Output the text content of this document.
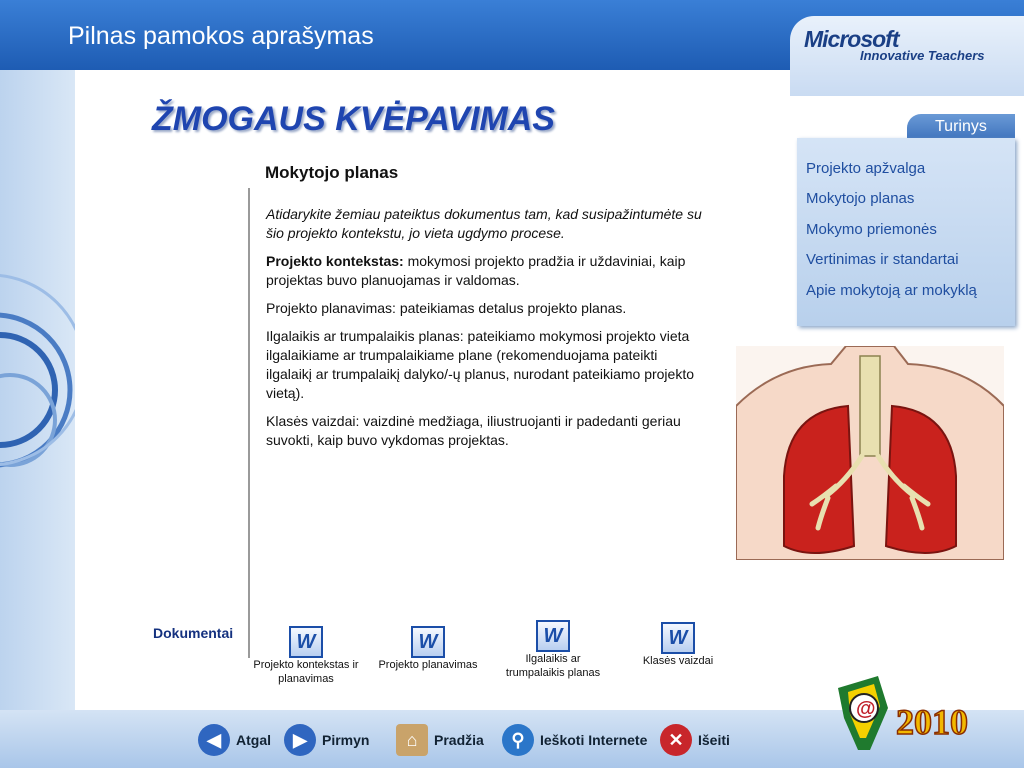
Pilnas pamokos aprašymas	Microsoft
Innovative Teachers
ŽMOGAUS KVĖPAVIMAS
Mokytojo planas

Atidarykite žemiau pateiktus dokumentus tam, kad susipažintumėte su šio projekto kontekstu, jo vieta ugdymo procese.

Projekto kontekstas: mokymosi projekto pradžia ir uždaviniai, kaip projektas buvo planuojamas ir valdomas.

Projekto planavimas: pateikiamas detalus projekto planas.

Ilgalaikis ar trumpalaikis planas: pateikiamo mokymosi projekto vieta ilgalaikiame ar trumpalaikiame plane (rekomenduojama pateikti ilgalaikį ar trumpalaikį dalyko/-ų planus, nurodant pateikiamo projekto vietą).

Klasės vaizdai: vaizdinė medžiaga, iliustruojanti ir padedanti geriau suvokti, kaip buvo vykdomas projektas.

Dokumentai	W
Projekto kontekstas ir planavimas
W
Projekto planavimas
W
Ilgalaikis ar trumpalaikis planas
W
Klasės vaizdai
Turinys
Projekto apžvalga
Mokytojo planas
Mokymo priemonės
Vertinimas ir standartai
Apie mokytoją ar mokyklą
@ 2010
◀	Atgal	▶	Pirmyn	⌂	Pradžia	⚲	Ieškoti Internete	✕	Išeiti
